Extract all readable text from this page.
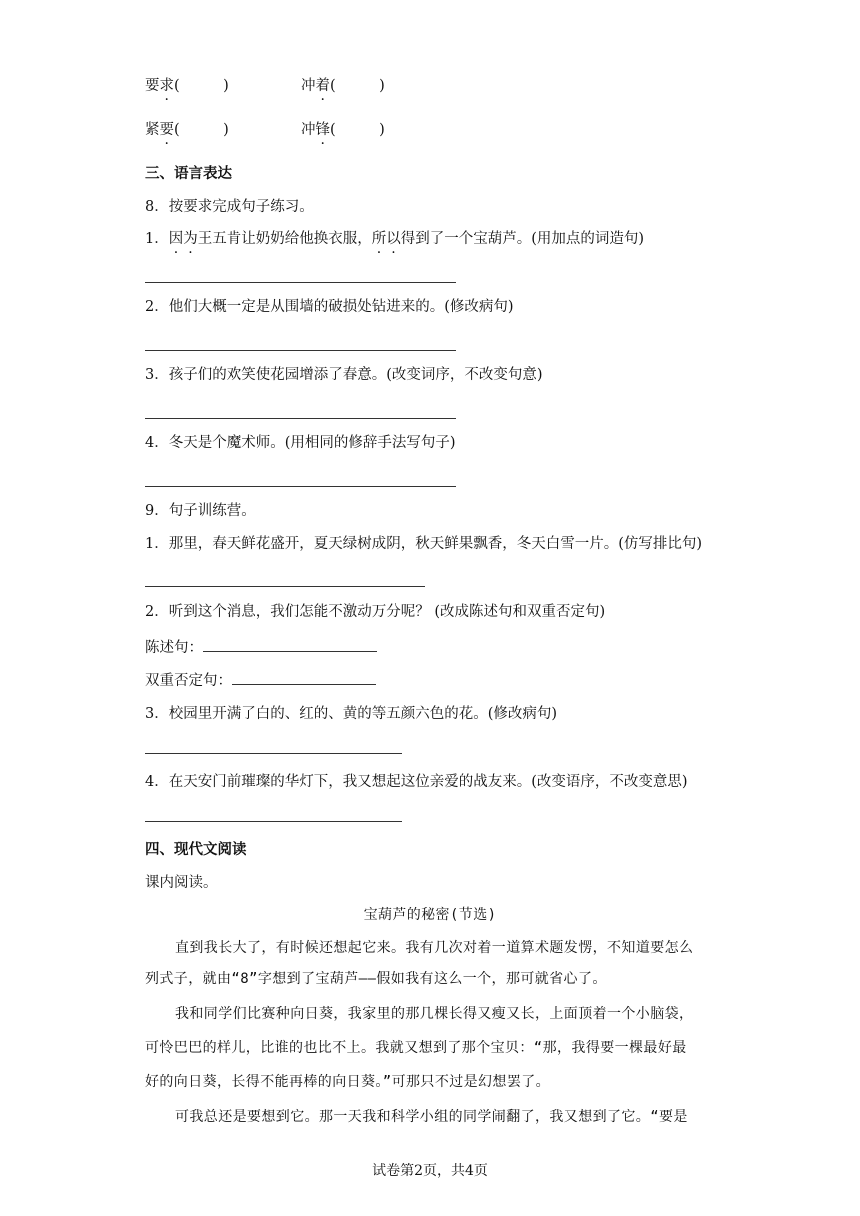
要求(　　　)	冲着(　　　)
紧要(　　　)	冲锋(　　　)
三、语言表达
8．按要求完成句子练习。
1．因为王五肯让奶奶给他换衣服，所以得到了一个宝葫芦。(用加点的词造句)
2．他们大概一定是从围墙的破损处钻进来的。(修改病句)
3．孩子们的欢笑使花园增添了春意。(改变词序，不改变句意)
4．冬天是个魔术师。(用相同的修辞手法写句子)
9．句子训练营。
1．那里，春天鲜花盛开，夏天绿树成阴，秋天鲜果飘香，冬天白雪一片。(仿写排比句)
2．听到这个消息，我们怎能不激动万分呢？ (改成陈述句和双重否定句)
陈述句：
双重否定句：
3．校园里开满了白的、红的、黄的等五颜六色的花。(修改病句)
4．在天安门前璀璨的华灯下，我又想起这位亲爱的战友来。(改变语序，不改变意思)
四、现代文阅读
课内阅读。
宝葫芦的秘密(节选)
直到我长大了，有时候还想起它来。我有几次对着一道算术题发愣，不知道要怎么
列式子，就由“8”字想到了宝葫芦——假如我有这么一个，那可就省心了。
我和同学们比赛种向日葵，我家里的那几棵长得又瘦又长，上面顶着一个小脑袋，
可怜巴巴的样儿，比谁的也比不上。我就又想到了那个宝贝：“那，我得要一棵最好最
好的向日葵，长得不能再棒的向日葵。”可那只不过是幻想罢了。
可我总还是要想到它。那一天我和科学小组的同学闹翻了，我又想到了它。“要是
试卷第2页，共4页
